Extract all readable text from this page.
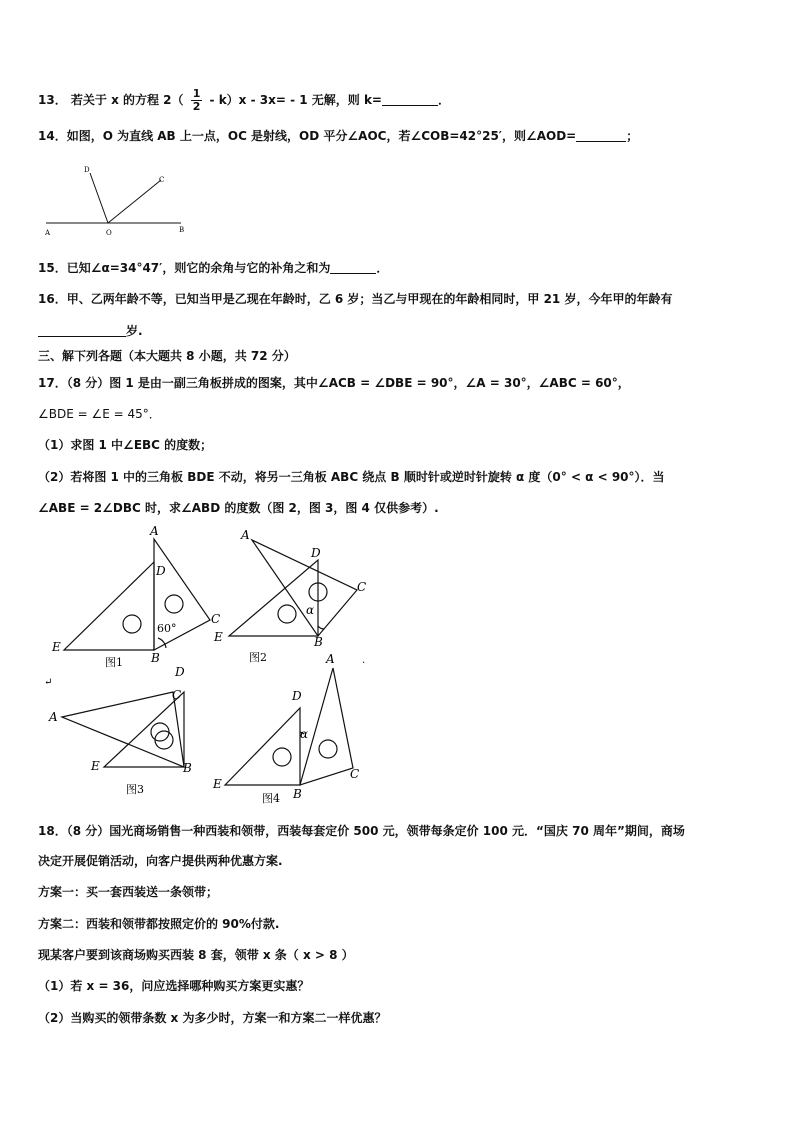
13． 若关于 x 的方程 $2( \frac{1}{2} - k)x - 3x= - 1$ 无解，则 k=	．
14．如图，O 为直线 AB 上一点，OC 是射线，OD 平分∠AOC，若∠COB=42°25′，则∠AOD=	；
A	O	B
C
D
15．已知∠α=34°47′，则它的余角与它的补角之和为	．
16．甲、乙两年龄不等，已知当甲是乙现在年龄时，乙 6 岁；当乙与甲现在的年龄相同时，甲 21 岁，今年甲的年龄有
岁.
三、解下列各题（本大题共 8 小题，共 72 分）
17．（8 分）图 1 是由一副三角板拼成的图案，其中∠ACB = ∠DBE = 90°，∠A = 30°，∠ABC = 60°，
∠BDE = ∠E = 45°．
（1）求图 1 中∠EBC 的度数；
（2）若将图 1 中的三角板 BDE 不动，将另一三角板 ABC 绕点 B 顺时针或逆时针旋转 α 度（0° < α < 90°）．当
∠ABE = 2∠DBC 时，求∠ABD 的度数（图 2，图 3，图 4 仅供参考）.
A
D
C
E
B
60°
图1
A
D
C
E	B
α
图2	.
↵
D
C
A
E	B
图3
A
D
α
C
E
B
图4
18．（8 分）国光商场销售一种西装和领带，西装每套定价 500 元，领带每条定价 100 元．“国庆 70 周年”期间，商场
决定开展促销活动，向客户提供两种优惠方案.
方案一：买一套西装送一条领带；
方案二：西装和领带都按照定价的 90%付款.
现某客户要到该商场购买西装 8 套，领带 x 条（ x > 8 ）
（1）若 x = 36，问应选择哪种购买方案更实惠？
（2）当购买的领带条数 x 为多少时，方案一和方案二一样优惠？
